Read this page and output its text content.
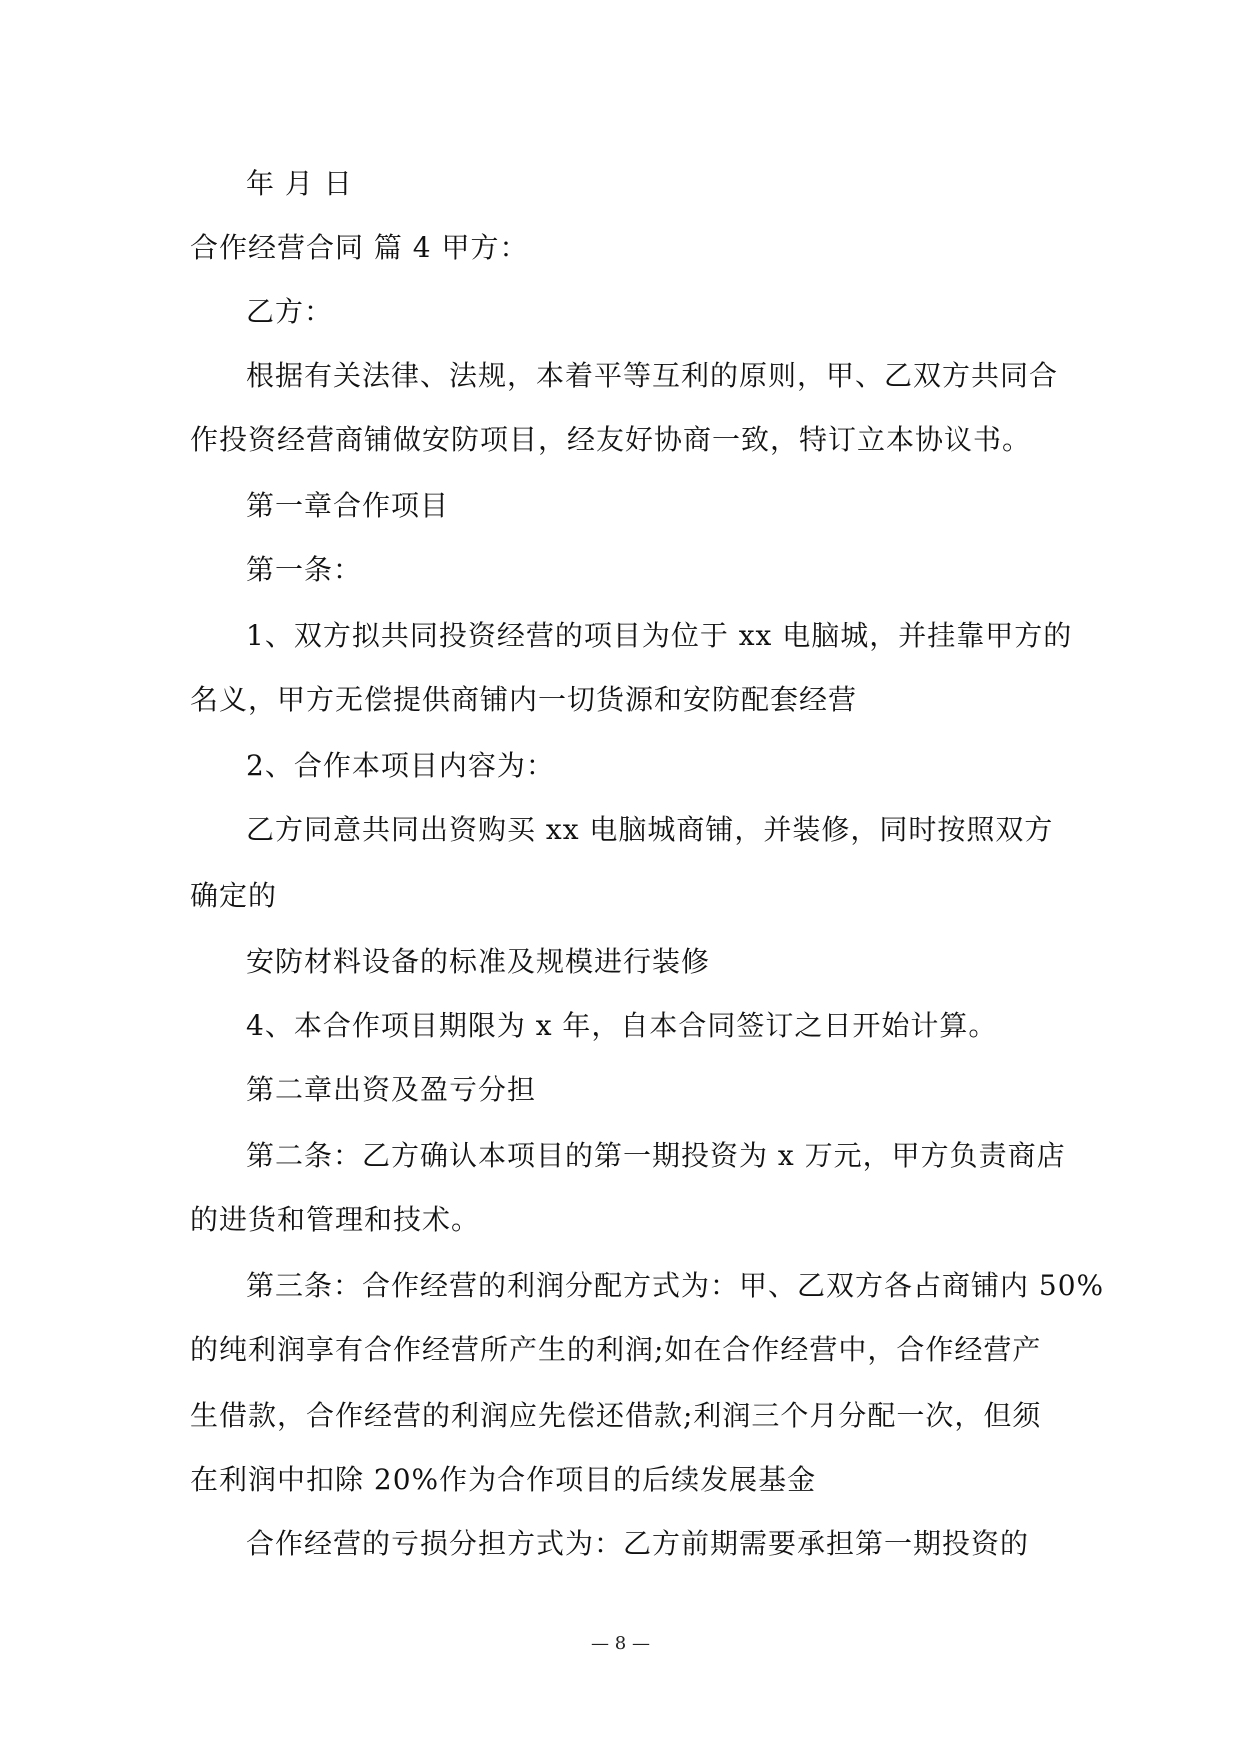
年 月 日
合作经营合同 篇 4 甲方：
乙方：
根据有关法律、法规，本着平等互利的原则，甲、乙双方共同合
作投资经营商铺做安防项目，经友好协商一致，特订立本协议书。
第一章合作项目
第一条：
1、双方拟共同投资经营的项目为位于 xx 电脑城，并挂靠甲方的
名义，甲方无偿提供商铺内一切货源和安防配套经营
2、合作本项目内容为：
乙方同意共同出资购买 xx 电脑城商铺，并装修，同时按照双方
确定的
安防材料设备的标准及规模进行装修
4、本合作项目期限为 x 年，自本合同签订之日开始计算。
第二章出资及盈亏分担
第二条：乙方确认本项目的第一期投资为 x 万元，甲方负责商店
的进货和管理和技术。
第三条：合作经营的利润分配方式为：甲、乙双方各占商铺内 50%
的纯利润享有合作经营所产生的利润;如在合作经营中，合作经营产
生借款，合作经营的利润应先偿还借款;利润三个月分配一次，但须
在利润中扣除 20%作为合作项目的后续发展基金
合作经营的亏损分担方式为：乙方前期需要承担第一期投资的
— 8 —
